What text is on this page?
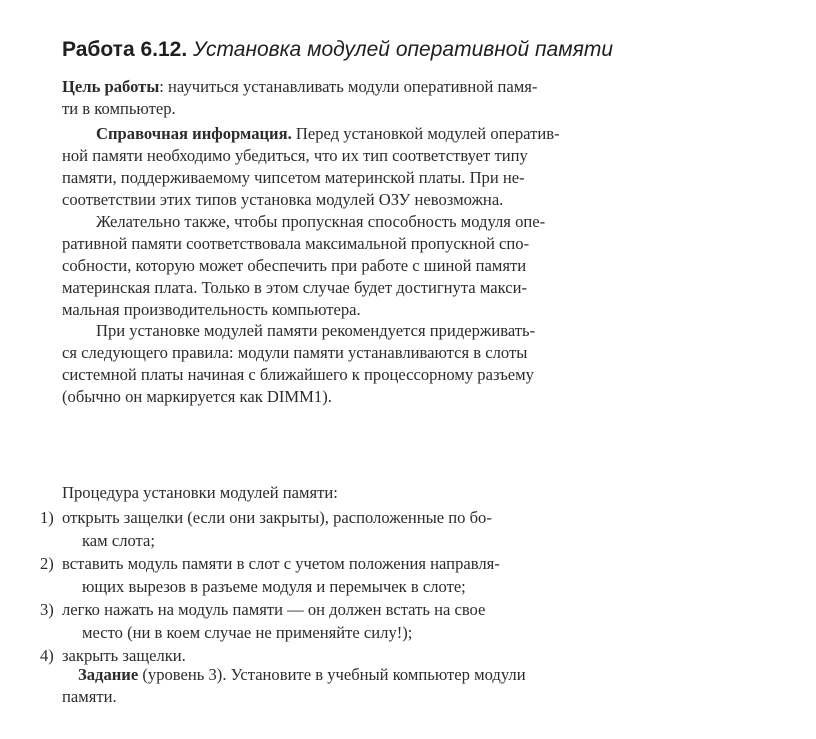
Работа 6.12. Установка модулей оперативной памяти
Цель работы: научиться устанавливать модули оперативной памя-
ти в компьютер.
Справочная информация. Перед установкой модулей оператив-
ной памяти необходимо убедиться, что их тип соответствует типу
памяти, поддерживаемому чипсетом материнской платы. При не-
соответствии этих типов установка модулей ОЗУ невозможна.
Желательно также, чтобы пропускная способность модуля опе-
ративной памяти соответствовала максимальной пропускной спо-
собности, которую может обеспечить при работе с шиной памяти
материнская плата. Только в этом случае будет достигнута макси-
мальная производительность компьютера.
При установке модулей памяти рекомендуется придерживать-
ся следующего правила: модули памяти устанавливаются в слоты
системной платы начиная с ближайшего к процессорному разъему
(обычно он маркируется как DIMM1).
Процедура установки модулей памяти:
1) открыть защелки (если они закрыты), расположенные по бо-
кам слота;
2) вставить модуль памяти в слот с учетом положения направля-
ющих вырезов в разъеме модуля и перемычек в слоте;
3) легко нажать на модуль памяти — он должен встать на свое
место (ни в коем случае не применяйте силу!);
4) закрыть защелки.
Задание (уровень 3). Установите в учебный компьютер модули
памяти.
